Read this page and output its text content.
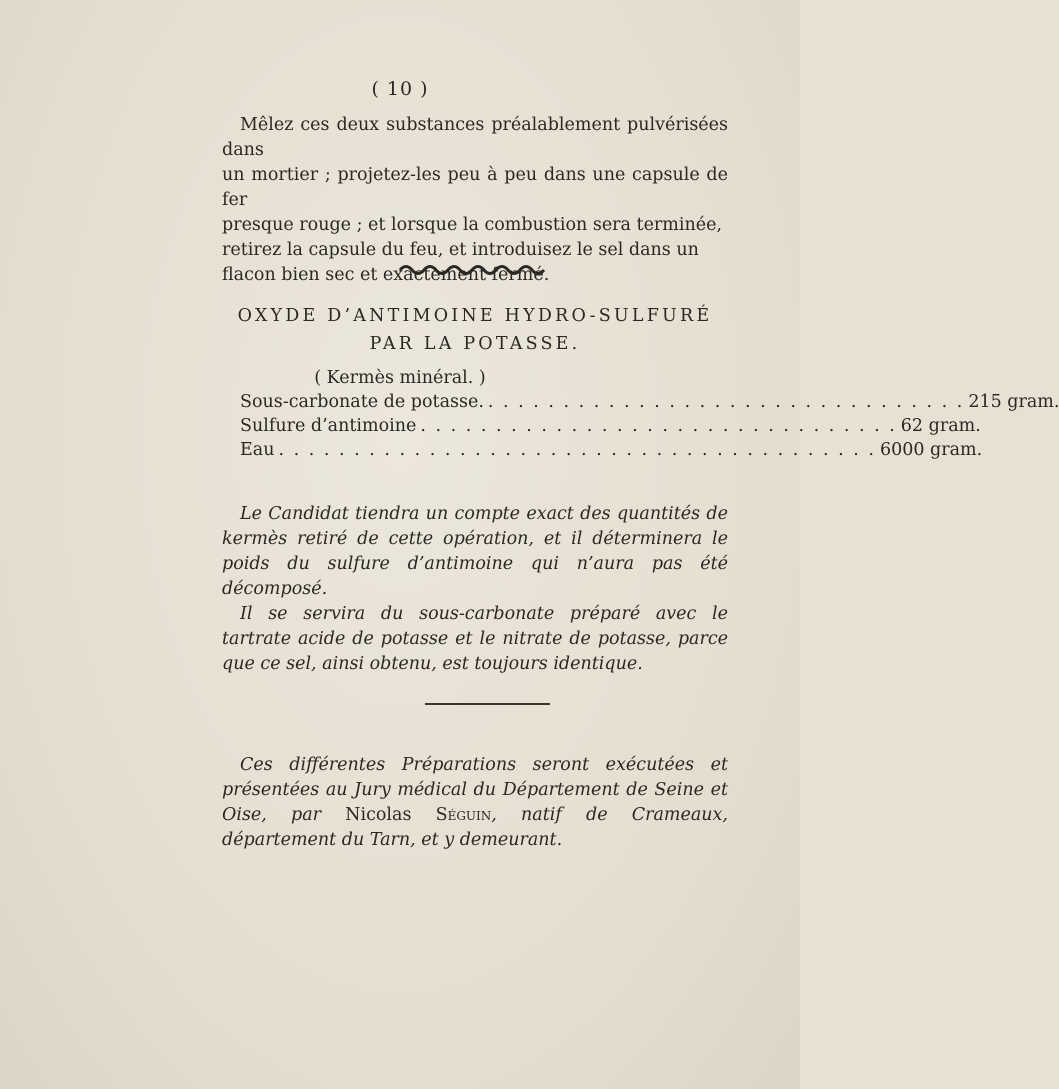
( 10 )
Mêlez ces deux substances préalablement pulvérisées dans
un mortier ; projetez-les peu à peu dans une capsule de fer
presque rouge ; et lorsque la combustion sera terminée,
retirez la capsule du feu, et introduisez le sel dans un
flacon bien sec et exactement fermé.
OXYDE D’ANTIMOINE HYDRO-SULFURÉ
PAR LA POTASSE.
( Kermès minéral. )
Sous-carbonate de potasse. . . . . . . . . . . . . . . . . . . . . . . . . . . . . . . . . 215 gram.
Sulfure d’antimoine . . . . . . . . . . . . . . . . . . . . . . . . . . . . . . . . 62 gram.
Eau . . . . . . . . . . . . . . . . . . . . . . . . . . . . . . . . . . . . . . . . 6000 gram.

Le Candidat tiendra un compte exact des quantités de kermès retiré de cette opération, et il déterminera le poids du sulfure d’antimoine qui n’aura pas été décomposé.

Il se servira du sous-carbonate préparé avec le tartrate acide de potasse et le nitrate de potasse, parce que ce sel, ainsi obtenu, est toujours identique.

Ces différentes Préparations seront exécutées et présentées au Jury médical du Département de Seine et Oise, par Nicolas Séguin, natif de Crameaux, département du Tarn, et y demeurant.
